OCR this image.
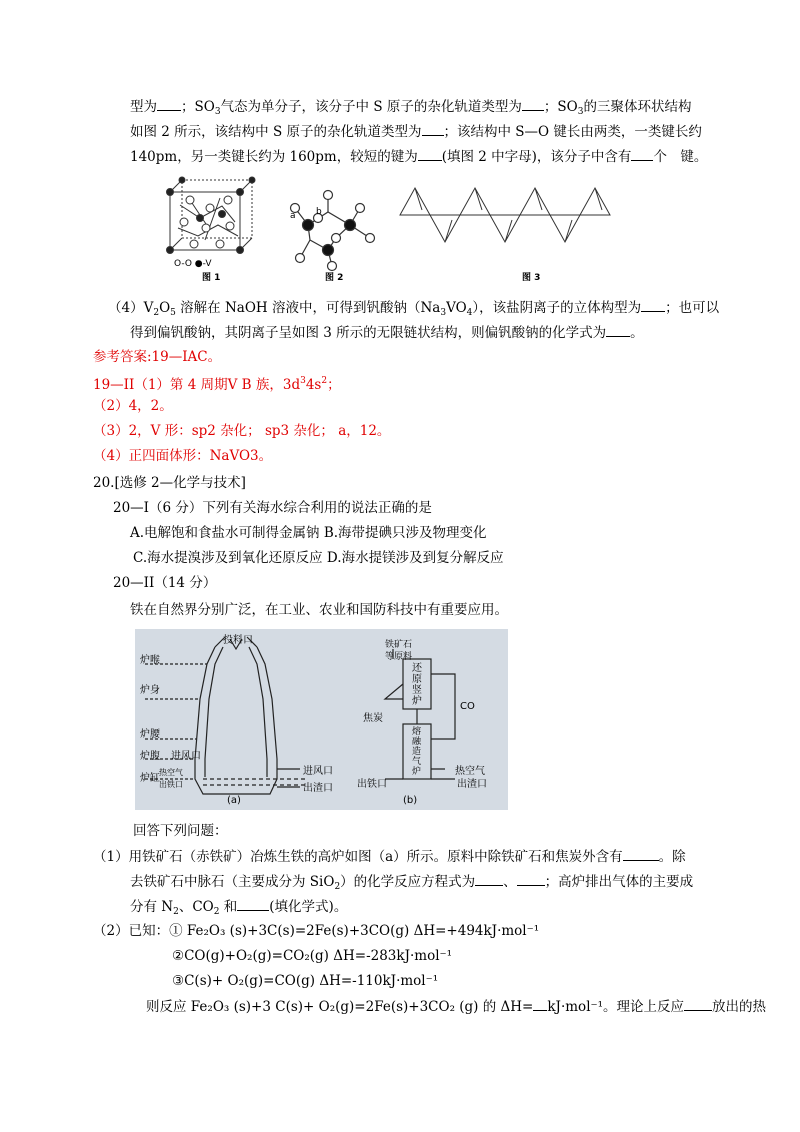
型为 ；$SO_3$气态为单分子，该分子中 S 原子的杂化轨道类型为 ；$SO_3$的三聚体环状结构
如图 2 所示，该结构中 S 原子的杂化轨道类型为 ；该结构中 S—O 键长由两类，一类键长约
140pm，另一类键长约为 160pm，较短的键为 (填图 2 中字母)，该分子中含有 个　键。
O-O ●-V
图 1
a b
图 2	图 3
$(4)V_2O_5$ 溶解在 NaOH 溶液中，可得到钒酸钠$(Na_3VO_4)$，该盐阴离子的立体构型为 ；也可以
得到偏钒酸钠，其阴离子呈如图 3 所示的无限链状结构，则偏钒酸钠的化学式为 。
参考答案:19—IAC。
19—II（1）第 4 周期Ⅴ B 族，$3d^34s^2$；
（2）4，2。
（3）2，V 形：sp2 杂化； sp3 杂化； a，12。
（4）正四面体形：NaVO3。
20.[选修 2—化学与技术]
20—I（6 分）下列有关海水综合利用的说法正确的是
A.电解饱和食盐水可制得金属钠 B.海带提碘只涉及物理变化
C.海水提溴涉及到氧化还原反应 D.海水提镁涉及到复分解反应
20—II（14 分）
铁在自然界分别广泛，在工业、农业和国防科技中有重要应用。
投料口
炉喉
炉身
炉腰
炉腹
炉缸
进风口
进风口
出渣口
热空气
出铁口
(a)
铁矿石
等原料
焦炭
还原竖炉
熔融造气炉
CO
热空气
出渣口
出铁口
(b)
回答下列问题：
（1）用铁矿石（赤铁矿）冶炼生铁的高炉如图（a）所示。原料中除铁矿石和焦炭外含有	。除
去铁矿石中脉石（主要成分为 SiO$_2$）的化学反应方程式为 、 ；高炉排出气体的主要成
分有 $N_2$、$CO_2$ 和 (填化学式)。
（2）已知：① Fe₂O₃ (s)+3C(s)=2Fe(s)+3CO(g) ΔH=+494kJ·mol⁻¹
②CO(g)+O₂(g)=CO₂(g) ΔH=-283kJ·mol⁻¹
③C(s)+ O₂(g)=CO(g) ΔH=-110kJ·mol⁻¹
则反应 Fe₂O₃ (s)+3 C(s)+ O₂(g)=2Fe(s)+3CO₂ (g) 的 ΔH= kJ·mol⁻¹。理论上反应 放出的热
